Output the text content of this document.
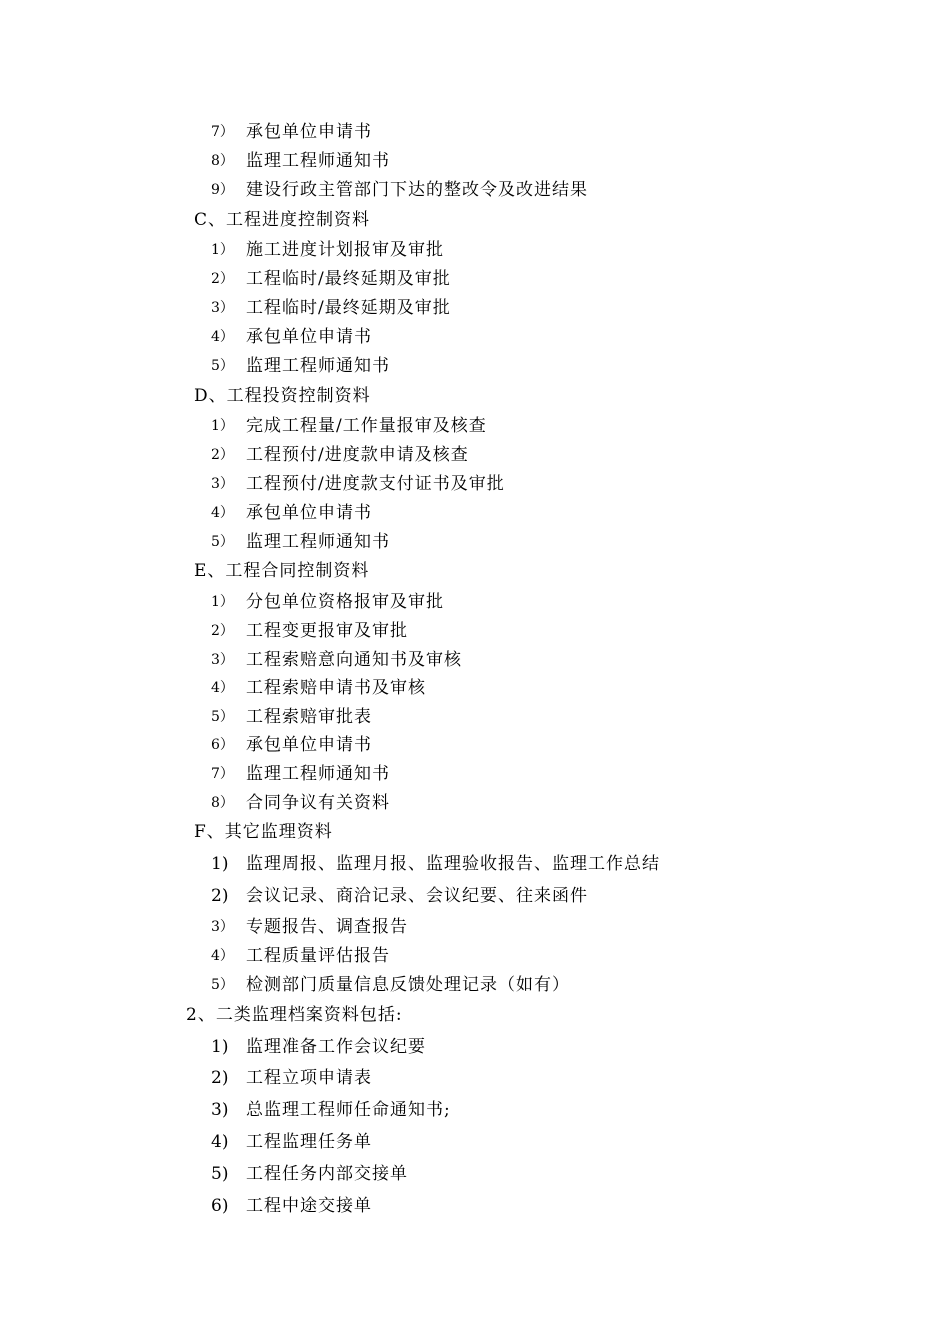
7） 承包单位申请书
8） 监理工程师通知书
9） 建设行政主管部门下达的整改令及改进结果
C、工程进度控制资料
1） 施工进度计划报审及审批
2） 工程临时/最终延期及审批
3） 工程临时/最终延期及审批
4） 承包单位申请书
5） 监理工程师通知书
D、工程投资控制资料
1） 完成工程量/工作量报审及核查
2） 工程预付/进度款申请及核查
3） 工程预付/进度款支付证书及审批
4） 承包单位申请书
5） 监理工程师通知书
E、工程合同控制资料
1） 分包单位资格报审及审批
2） 工程变更报审及审批
3） 工程索赔意向通知书及审核
4） 工程索赔申请书及审核
5） 工程索赔审批表
6） 承包单位申请书
7） 监理工程师通知书
8） 合同争议有关资料
F、其它监理资料
1) 监理周报、监理月报、监理验收报告、监理工作总结
2) 会议记录、商洽记录、会议纪要、往来函件
3） 专题报告、调查报告
4） 工程质量评估报告
5） 检测部门质量信息反馈处理记录（如有）
2、二类监理档案资料包括:
1) 监理准备工作会议纪要
2) 工程立项申请表
3) 总监理工程师任命通知书;
4) 工程监理任务单
5) 工程任务内部交接单
6) 工程中途交接单
